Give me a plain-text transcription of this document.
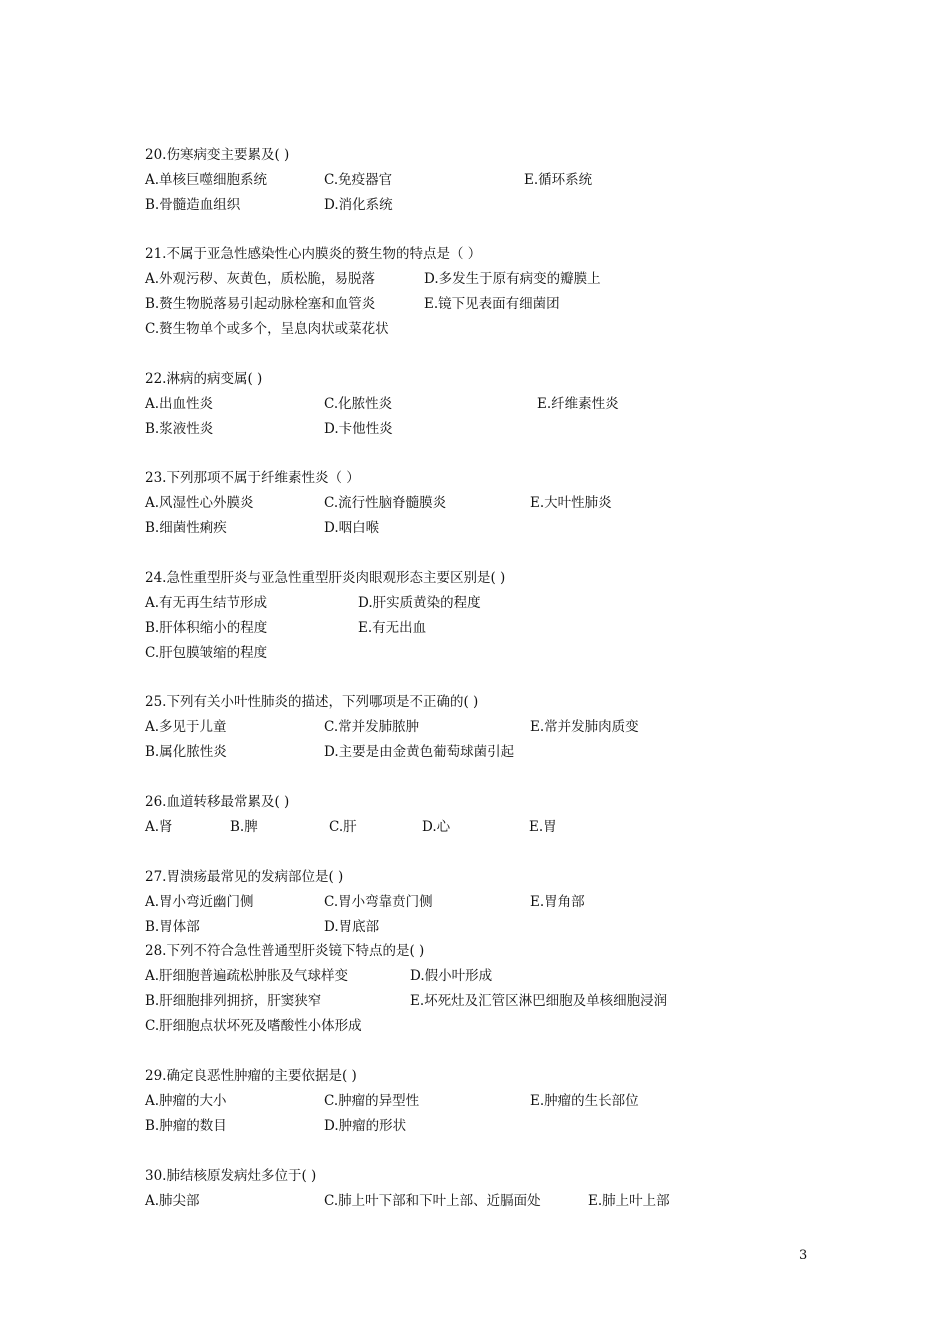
20.伤寒病变主要累及( )
A.单核巨噬细胞系统	C.免疫器官	E.循环系统
B.骨髓造血组织	D.消化系统
21.不属于亚急性感染性心内膜炎的赘生物的特点是（ ）
A.外观污秽、灰黄色，质松脆，易脱落	D.多发生于原有病变的瓣膜上
B.赘生物脱落易引起动脉栓塞和血管炎	E.镜下见表面有细菌团
C.赘生物单个或多个，呈息肉状或菜花状
22.淋病的病变属( )
A.出血性炎	C.化脓性炎	E.纤维素性炎
B.浆液性炎	D.卡他性炎
23.下列那项不属于纤维素性炎（ ）
A.风湿性心外膜炎	C.流行性脑脊髓膜炎	E.大叶性肺炎
B.细菌性痢疾	D.咽白喉
24.急性重型肝炎与亚急性重型肝炎肉眼观形态主要区别是( )
A.有无再生结节形成	D.肝实质黄染的程度
B.肝体积缩小的程度	E.有无出血
C.肝包膜皱缩的程度
25.下列有关小叶性肺炎的描述，下列哪项是不正确的( )
A.多见于儿童	C.常并发肺脓肿	E.常并发肺肉质变
B.属化脓性炎	D.主要是由金黄色葡萄球菌引起
26.血道转移最常累及( )
A.肾	B.脾	C.肝	D.心	E.胃
27.胃溃疡最常见的发病部位是( )
A.胃小弯近幽门侧	C.胃小弯靠贲门侧	E.胃角部
B.胃体部	D.胃底部
28.下列不符合急性普通型肝炎镜下特点的是( )
A.肝细胞普遍疏松肿胀及气球样变	D.假小叶形成
B.肝细胞排列拥挤，肝窦狭窄	E.坏死灶及汇管区淋巴细胞及单核细胞浸润
C.肝细胞点状坏死及嗜酸性小体形成
29.确定良恶性肿瘤的主要依据是( )
A.肿瘤的大小	C.肿瘤的异型性	E.肿瘤的生长部位
B.肿瘤的数目	D.肿瘤的形状
30.肺结核原发病灶多位于( )
A.肺尖部	C.肺上叶下部和下叶上部、近膈面处	E.肺上叶上部
3
